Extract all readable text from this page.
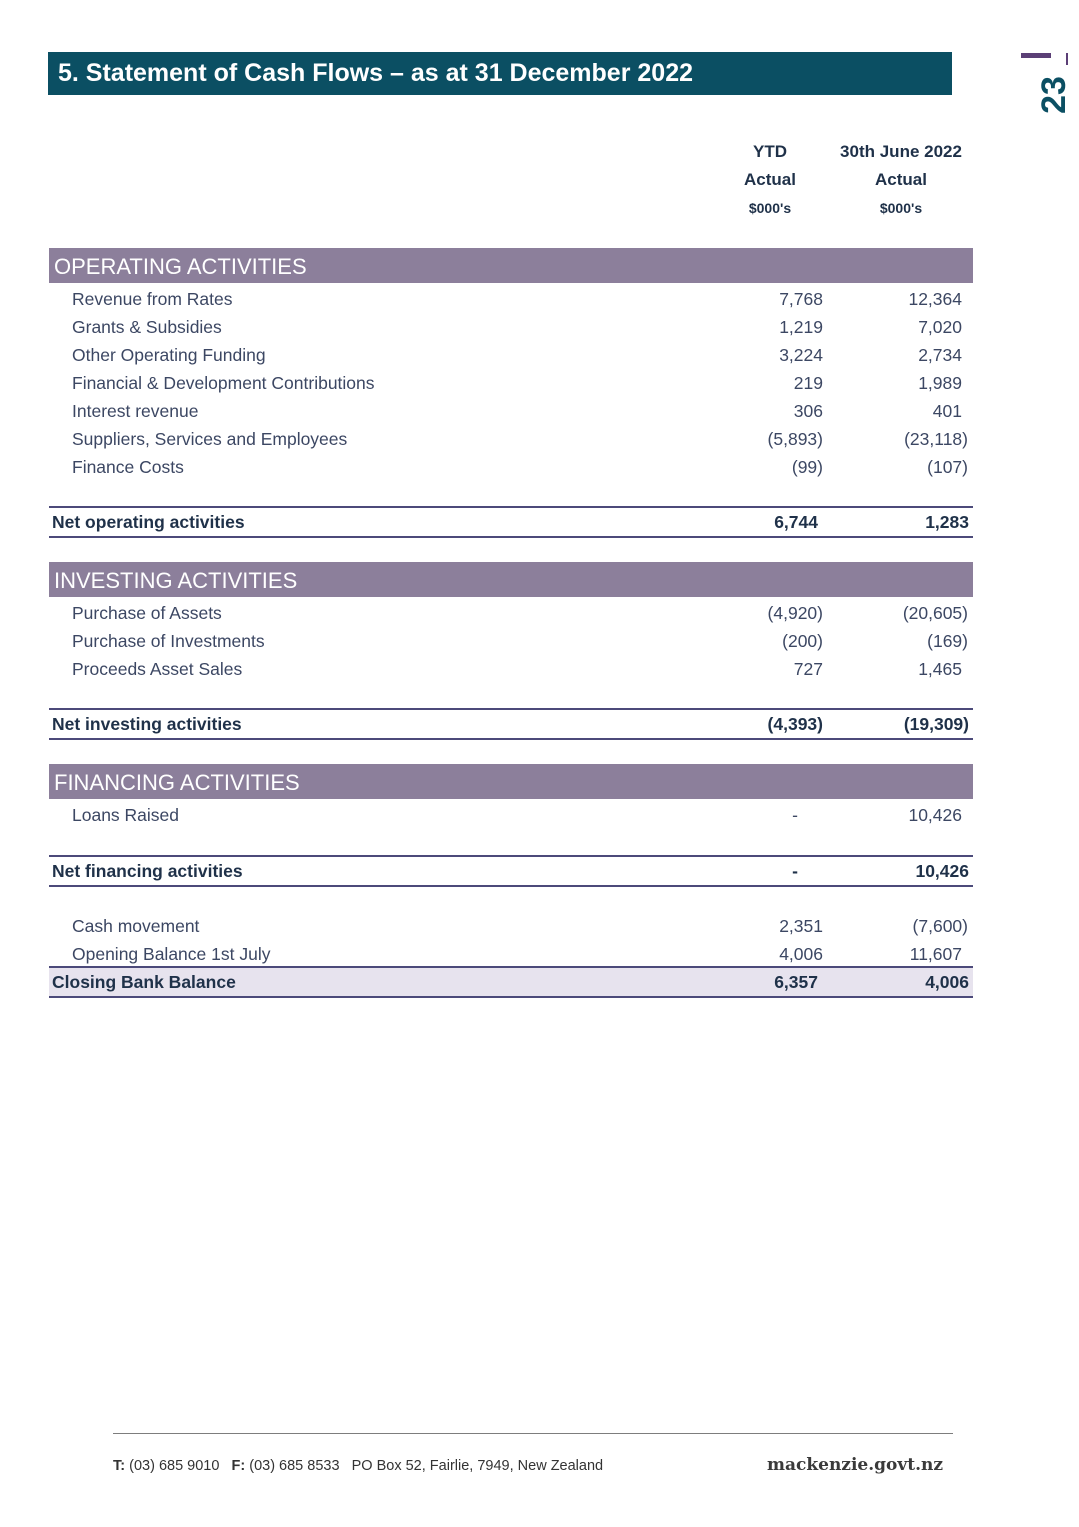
5. Statement of Cash Flows – as at 31 December 2022
23
YTD
Actual
$000's
30th June 2022
Actual
$000's
OPERATING ACTIVITIES
Revenue from Rates	7,768	12,364
Grants & Subsidies	1,219	7,020
Other Operating Funding	3,224	2,734
Financial & Development Contributions	219	1,989
Interest revenue	306	401
Suppliers, Services and Employees	(5,893)	(23,118)
Finance Costs	(99)	(107)
Net operating activities	6,744	1,283
INVESTING ACTIVITIES
Purchase of Assets	(4,920)	(20,605)
Purchase of Investments	(200)	(169)
Proceeds Asset Sales	727	1,465
Net investing activities	(4,393)	(19,309)
FINANCING ACTIVITIES
Loans Raised	-	10,426
Net financing activities	-	10,426
Cash movement	2,351	(7,600)
Opening Balance 1st July	4,006	11,607
Closing Bank Balance	6,357	4,006
T: (03) 685 9010 F: (03) 685 8533 PO Box 52, Fairlie, 7949, New Zealand	mackenzie.govt.nz
